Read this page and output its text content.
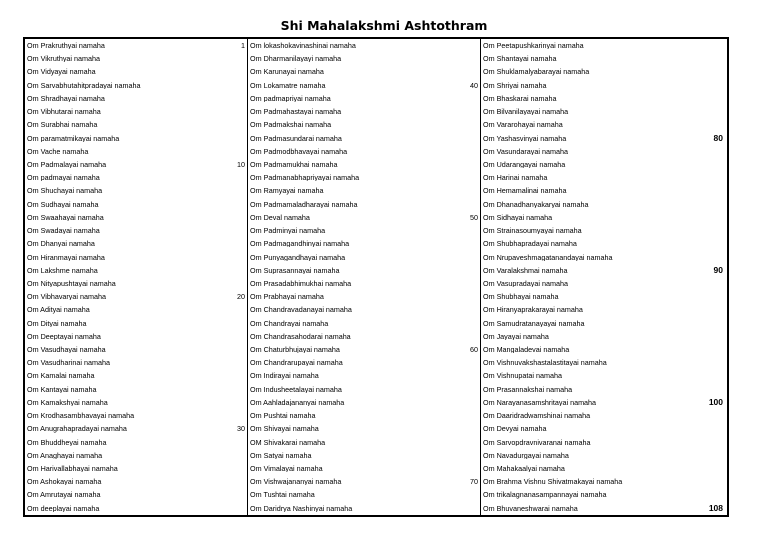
Shi Mahalakshmi Ashtothram
Om Prakruthyai namaha	1
Om Vikruthyai namaha
Om Vidyayai namaha
Om Sarvabhutahitpradayai namaha
Om Shradhayai namaha
Om Vibhutarai namaha
Om Surabhai namaha
Om paramatmikayai namaha
Om Vache namaha
Om Padmalayai namaha	10
Om padmayai namaha
Om Shuchayai namaha
Om Sudhayai namaha
Om Swaahayai namaha
Om Swadayai namaha
Om Dhanyai namaha
Om Hiranmayai namaha
Om Lakshme namaha
Om Nityapushtayai namaha
Om Vibhavaryai namaha	20
Om Adityai namaha
Om Dityai namaha
Om Deeptayai namaha
Om Vasudhayai namaha
Om Vasudharinai namaha
Om Kamalai namaha
Om Kantayai namaha
Om Kamakshyai namaha
Om Krodhasambhavayai namaha
Om Anugrahapradayai namaha	30
Om Bhuddheyai namaha
Om Anaghayai namaha
Om Harivallabhayai namaha
Om Ashokayai namaha
Om Amrutayai namaha
Om deeplayai namaha
Om lokashokavinashinai namaha
Om Dharmanilayayi namaha
Om Karunayai namaha
Om Lokamatre namaha	40
Om padmapriyai namaha
Om Padmahastayai namaha
Om Padmakshai namaha
Om Padmasundarai namaha
Om Padmodbhavayai namaha
Om Padmamukhai namaha
Om Padmanabhapriyayai namaha
Om Ramyayai namaha
Om Padmamaladharayai namaha
Om Deval namaha	50
Om Padminyai namaha
Om Padmagandhinyai namaha
Om Punyagandhayai namaha
Om Suprasannayai namaha
Om Prasadabhimukhai namaha
Om Prabhayai namaha
Om Chandravadanayai namaha
Om Chandrayai namaha
Om Chandrasahodarai namaha
Om Chaturbhujayai namaha	60
Om Chandrarupayai namaha
Om Indirayai namaha
Om Indusheetalayai namaha
Om Aahladajananyai namaha
Om Pushtai namaha
Om Shivayai namaha
OM Shivakarai namaha
Om Satyai namaha
Om Vimalayai namaha
Om Vishwajananyai namaha	70
Om Tushtai namaha
Om Daridrya Nashinyai namaha
Om Peetapushkarinyai namaha
Om Shantayai namaha
Om Shuklamalyabarayai namaha
Om Shriyai namaha
Om Bhaskarai namaha
Om Bilvanilayayai namaha
Om Vararohayai namaha
Om Yashasvinyai namaha	80
Om Vasundarayai namaha
Om Udarangayai namaha
Om Harinai namaha
Om Hemamalinai namaha
Om Dhanadhanyakaryai namaha
Om Sidhayai namaha
Om Strainasoumyayai namaha
Om Shubhapradayai namaha
Om Nrupaveshmagatanandayai namaha
Om Varalakshmai namaha	90
Om Vasupradayai namaha
Om Shubhayai namaha
Om Hiranyaprakarayai namaha
Om Samudratanayayai namaha
Om Jayayai namaha
Om Mangaladevai namaha
Om Vishnuvakshastalastitayai namaha
Om Vishnupatai namaha
Om Prasannakshai namaha
Om Narayanasamshritayai namaha	100
Om Daaridradwamshinai namaha
Om Devyai namaha
Om Sarvopdravnivaranai namaha
Om Navadurgayai namaha
Om Mahakaalyai namaha
Om Brahma Vishnu Shivatmakayai namaha
Om trikalagnanasampannayai namaha
Om Bhuvaneshwarai namaha	108
